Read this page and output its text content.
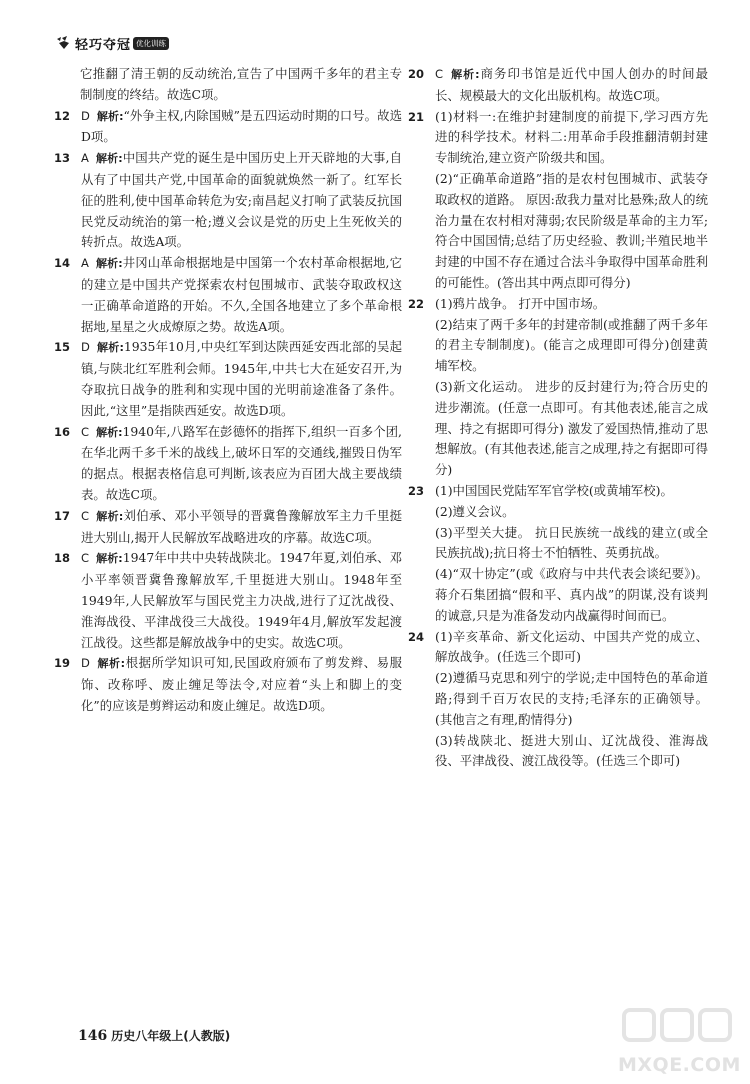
轻巧夺冠 优化训练
它推翻了清王朝的反动统治,宣告了中国两千多年的君主专制制度的终结。故选C项。
12 D 解析:“外争主权,内除国贼”是五四运动时期的口号。故选D项。
13 A 解析:中国共产党的诞生是中国历史上开天辟地的大事,自从有了中国共产党,中国革命的面貌就焕然一新了。红军长征的胜利,使中国革命转危为安;南昌起义打响了武装反抗国民党反动统治的第一枪;遵义会议是党的历史上生死攸关的转折点。故选A项。
14 A 解析:井冈山革命根据地是中国第一个农村革命根据地,它的建立是中国共产党探索农村包围城市、武装夺取政权这一正确革命道路的开始。不久,全国各地建立了多个革命根据地,星星之火成燎原之势。故选A项。
15 D 解析:1935年10月,中央红军到达陕西延安西北部的吴起镇,与陕北红军胜利会师。1945年,中共七大在延安召开,为夺取抗日战争的胜利和实现中国的光明前途准备了条件。因此,“这里”是指陕西延安。故选D项。
16 C 解析:1940年,八路军在彭德怀的指挥下,组织一百多个团,在华北两千多千米的战线上,破坏日军的交通线,摧毁日伪军的据点。根据表格信息可判断,该表应为百团大战主要战绩表。故选C项。
17 C 解析:刘伯承、邓小平领导的晋冀鲁豫解放军主力千里挺进大别山,揭开人民解放军战略进攻的序幕。故选C项。
18 C 解析:1947年中共中央转战陕北。1947年夏,刘伯承、邓小平率领晋冀鲁豫解放军,千里挺进大别山。1948年至1949年,人民解放军与国民党主力决战,进行了辽沈战役、淮海战役、平津战役三大战役。1949年4月,解放军发起渡江战役。这些都是解放战争中的史实。故选C项。
19 D 解析:根据所学知识可知,民国政府颁布了剪发辫、易服饰、改称呼、废止缠足等法令,对应着“头上和脚上的变化”的应该是剪辫运动和废止缠足。故选D项。
20 C 解析:商务印书馆是近代中国人创办的时间最长、规模最大的文化出版机构。故选C项。
21 (1)材料一:在维护封建制度的前提下,学习西方先进的科学技术。材料二:用革命手段推翻清朝封建专制统治,建立资产阶级共和国。

(2)“正确革命道路”指的是农村包围城市、武装夺取政权的道路。 原因:敌我力量对比悬殊;敌人的统治力量在农村相对薄弱;农民阶级是革命的主力军;符合中国国情;总结了历史经验、教训;半殖民地半封建的中国不存在通过合法斗争取得中国革命胜利的可能性。(答出其中两点即可得分)

22 (1)鸦片战争。 打开中国市场。

(2)结束了两千多年的封建帝制(或推翻了两千多年的君主专制制度)。(能言之成理即可得分)创建黄埔军校。

(3)新文化运动。 进步的反封建行为;符合历史的进步潮流。(任意一点即可。有其他表述,能言之成理、持之有据即可得分) 激发了爱国热情,推动了思想解放。(有其他表述,能言之成理,持之有据即可得分)

23 (1)中国国民党陆军军官学校(或黄埔军校)。

(2)遵义会议。

(3)平型关大捷。 抗日民族统一战线的建立(或全民族抗战);抗日将士不怕牺牲、英勇抗战。

(4)“双十协定”(或《政府与中共代表会谈纪要》)。 蒋介石集团搞“假和平、真内战”的阴谋,没有谈判的诚意,只是为准备发动内战赢得时间而已。

24 (1)辛亥革命、新文化运动、中国共产党的成立、解放战争。(任选三个即可)

(2)遵循马克思和列宁的学说;走中国特色的革命道路;得到千百万农民的支持;毛泽东的正确领导。(其他言之有理,酌情得分)

(3)转战陕北、挺进大别山、辽沈战役、淮海战役、平津战役、渡江战役等。(任选三个即可)

146 历史八年级上(人教版)
MXQE.COM
